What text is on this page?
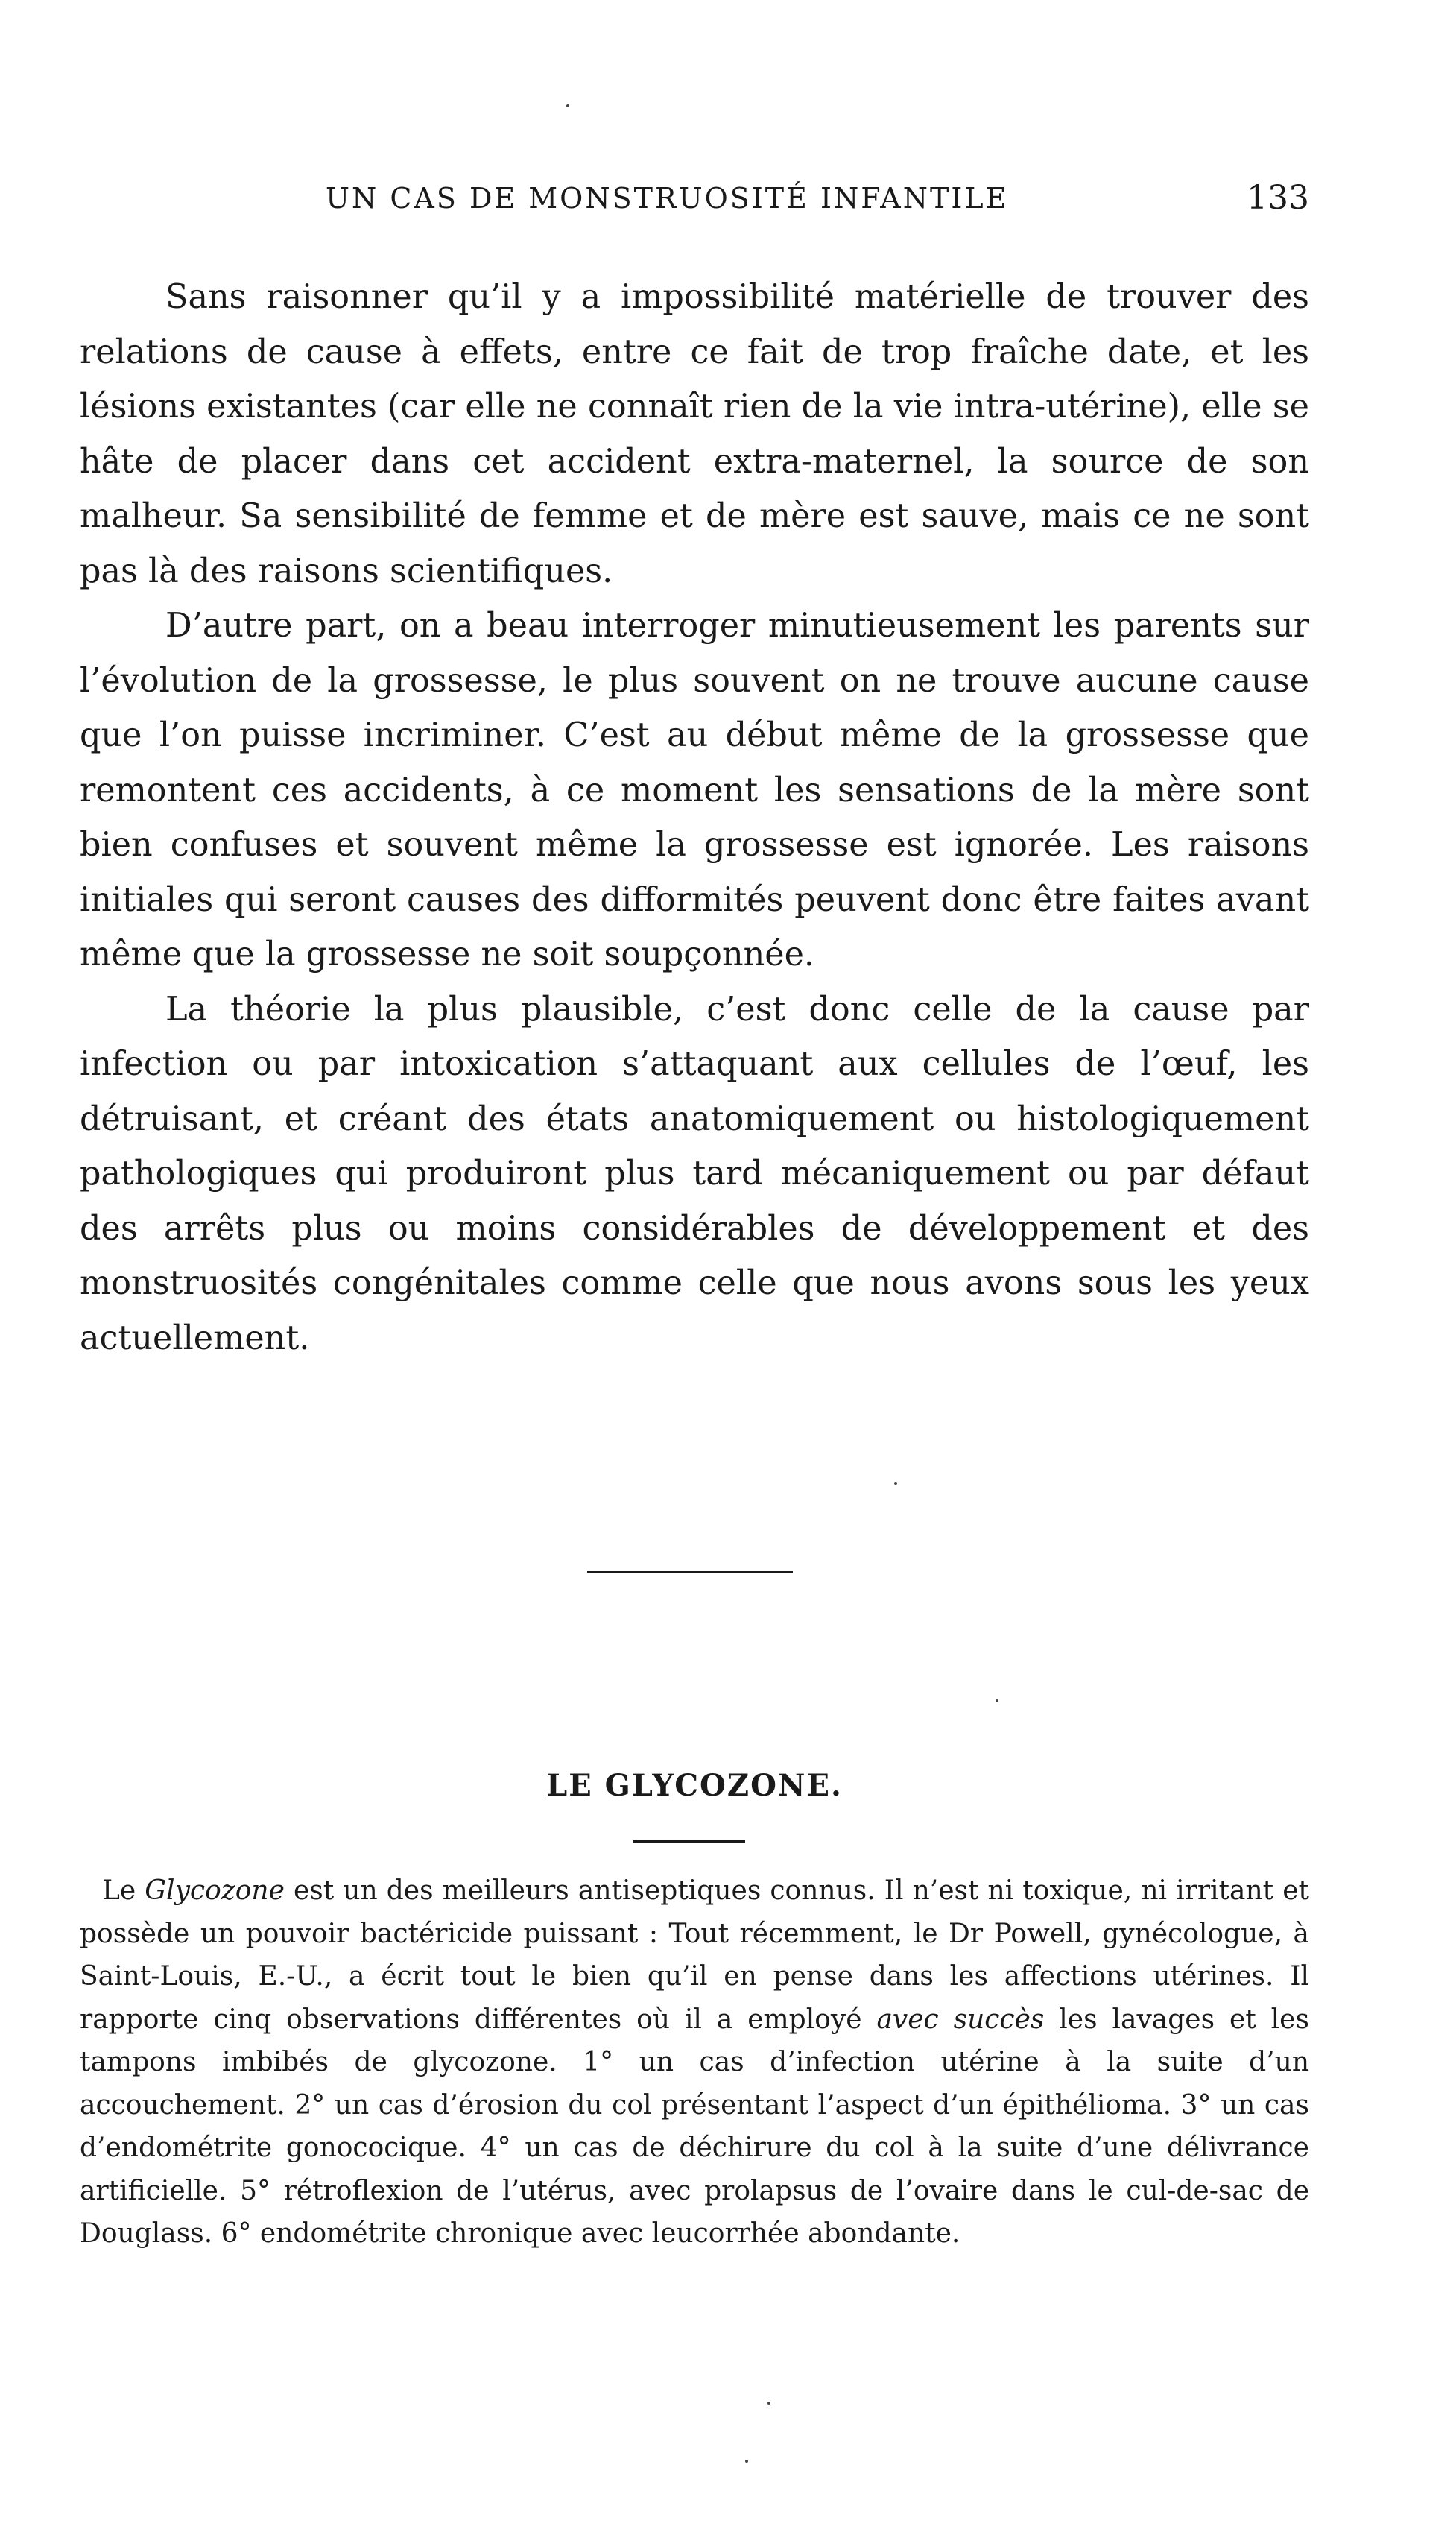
UN CAS DE MONSTRUOSITÉ INFANTILE	133

Sans raisonner qu’il y a impossibilité matérielle de trouver des relations de cause à effets, entre ce fait de trop fraîche date, et les lésions existantes (car elle ne connaît rien de la vie intra-utérine), elle se hâte de placer dans cet accident extra-maternel, la source de son malheur. Sa sensibilité de femme et de mère est sauve, mais ce ne sont pas là des raisons scientifiques.

D’autre part, on a beau interroger minutieusement les parents sur l’évolution de la grossesse, le plus souvent on ne trouve aucune cause que l’on puisse incriminer. C’est au début même de la grossesse que remontent ces accidents, à ce moment les sensations de la mère sont bien confuses et souvent même la grossesse est ignorée. Les raisons initiales qui seront causes des difformités peuvent donc être faites avant même que la grossesse ne soit soupçonnée.

La théorie la plus plausible, c’est donc celle de la cause par infection ou par intoxication s’attaquant aux cellules de l’œuf, les détruisant, et créant des états anatomiquement ou histologiquement pathologiques qui produiront plus tard mécaniquement ou par défaut des arrêts plus ou moins considérables de développement et des monstruosités congénitales comme celle que nous avons sous les yeux actuellement.

LE GLYCOZONE.

Le Glycozone est un des meilleurs antiseptiques connus. Il n’est ni toxique, ni irritant et possède un pouvoir bactéricide puissant : Tout récemment, le Dr Powell, gynécologue, à Saint-Louis, E.-U., a écrit tout le bien qu’il en pense dans les affections utérines. Il rapporte cinq observations différentes où il a employé avec succès les lavages et les tampons imbibés de glycozone. 1° un cas d’infection utérine à la suite d’un accouchement. 2° un cas d’érosion du col présentant l’aspect d’un épithélioma. 3° un cas d’endométrite gonococique. 4° un cas de déchirure du col à la suite d’une délivrance artificielle. 5° rétroflexion de l’utérus, avec prolapsus de l’ovaire dans le cul-de-sac de Douglass. 6° endométrite chronique avec leucorrhée abondante.
